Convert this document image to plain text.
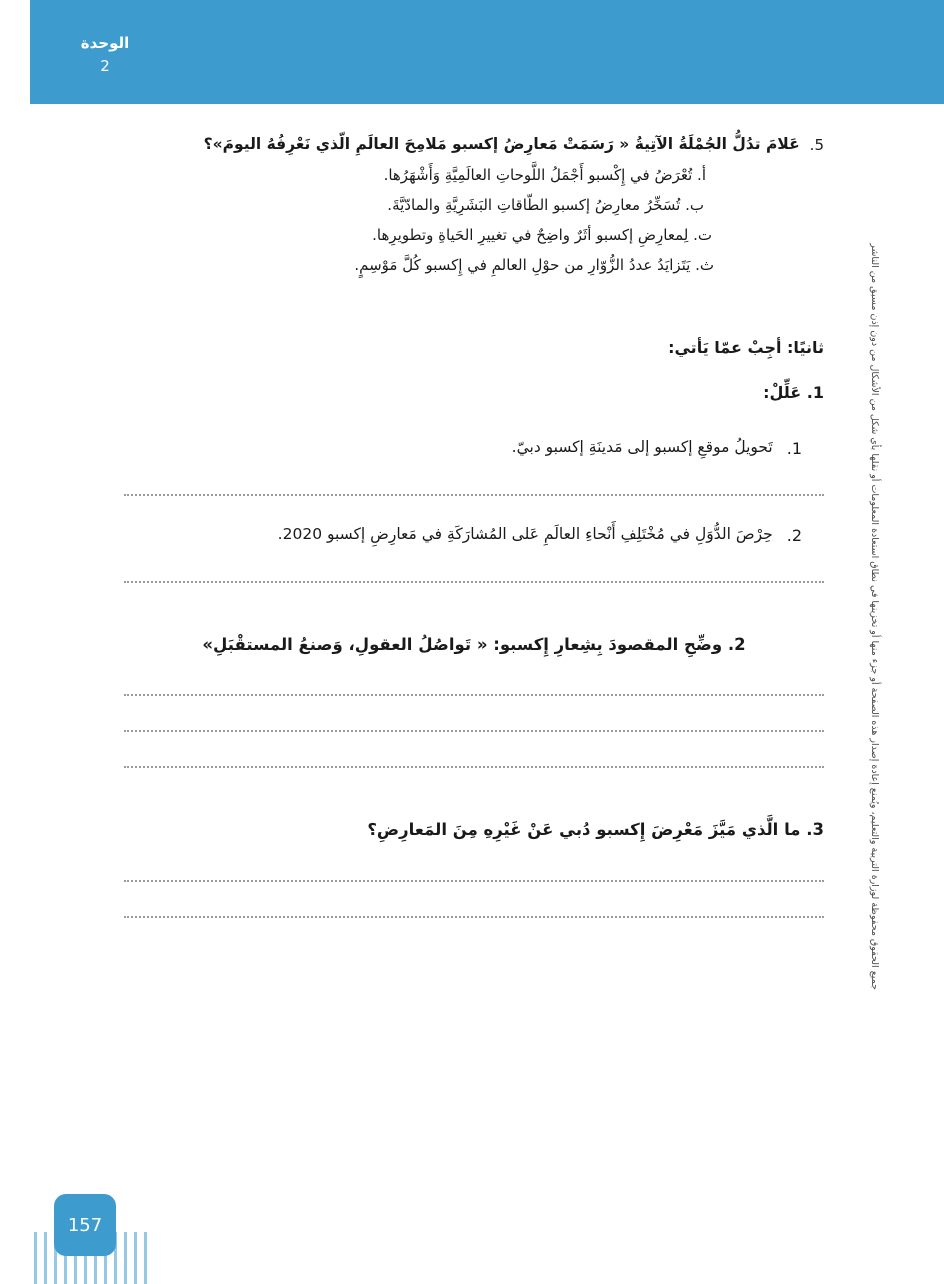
الوحدة
2
جميع الحقوق محفوظة لوزارة التربية والتعليم، ويُمنع إعادة إصدار هذه الصفحة أو جزء منها أو تخزينها في نطاق استعادة المعلومات أو نقلها بأي شكل من الأشكال من دون إذن مسبق من الناشر
5.
عَلامَ تدُلُّ الجُمْلَةُ الآتِيةُ « رَسَمَتْ مَعارِضُ إكسبو مَلامِحَ العالَمِ الّذي نَعْرِفُهُ اليومَ»؟
أ. تُعْرَضُ في إِكْسبو أَجْمَلُ اللَّوحاتِ العالَمِيَّةِ وَأَشْهَرُها.
ب. تُسَخِّرُ معارِضُ إكسبو الطّاقاتِ البَشَرِيَّةِ والمادّيَّةَ.
ت. لِمعارِضِ إكسبو أثَرٌ واضِحٌ في تغييرِ الحَياةِ وتطويرِها.
ث. يَتَزايَدُ عددُ الزُّوّارِ من حوْلِ العالمِ في إِكسبو كُلَّ مَوْسِمٍ.
ثانيًا: أجِبْ عمّا يَأتي:
1. عَلِّلْ:
1.
تَحويلُ موقعِ إكسبو إلى مَدينَةِ إكسبو دبيّ.
2.
حِرْصَ الدُّوَلِ في مُخْتَلِفِ أَنْحاءِ العالَمِ عَلى المُشارَكَةِ في مَعارِضِ إكسبو 2020.
2. وضِّحِ المقصودَ بِشِعارِ إِكسبو: « تَواصُلُ العقولِ، وَصنعُ المستقْبَلِ»
3. ما الَّذي مَيَّزَ مَعْرِضَ إِكسبو دُبي عَنْ غَيْرِهِ مِنَ المَعارِضِ؟
157
